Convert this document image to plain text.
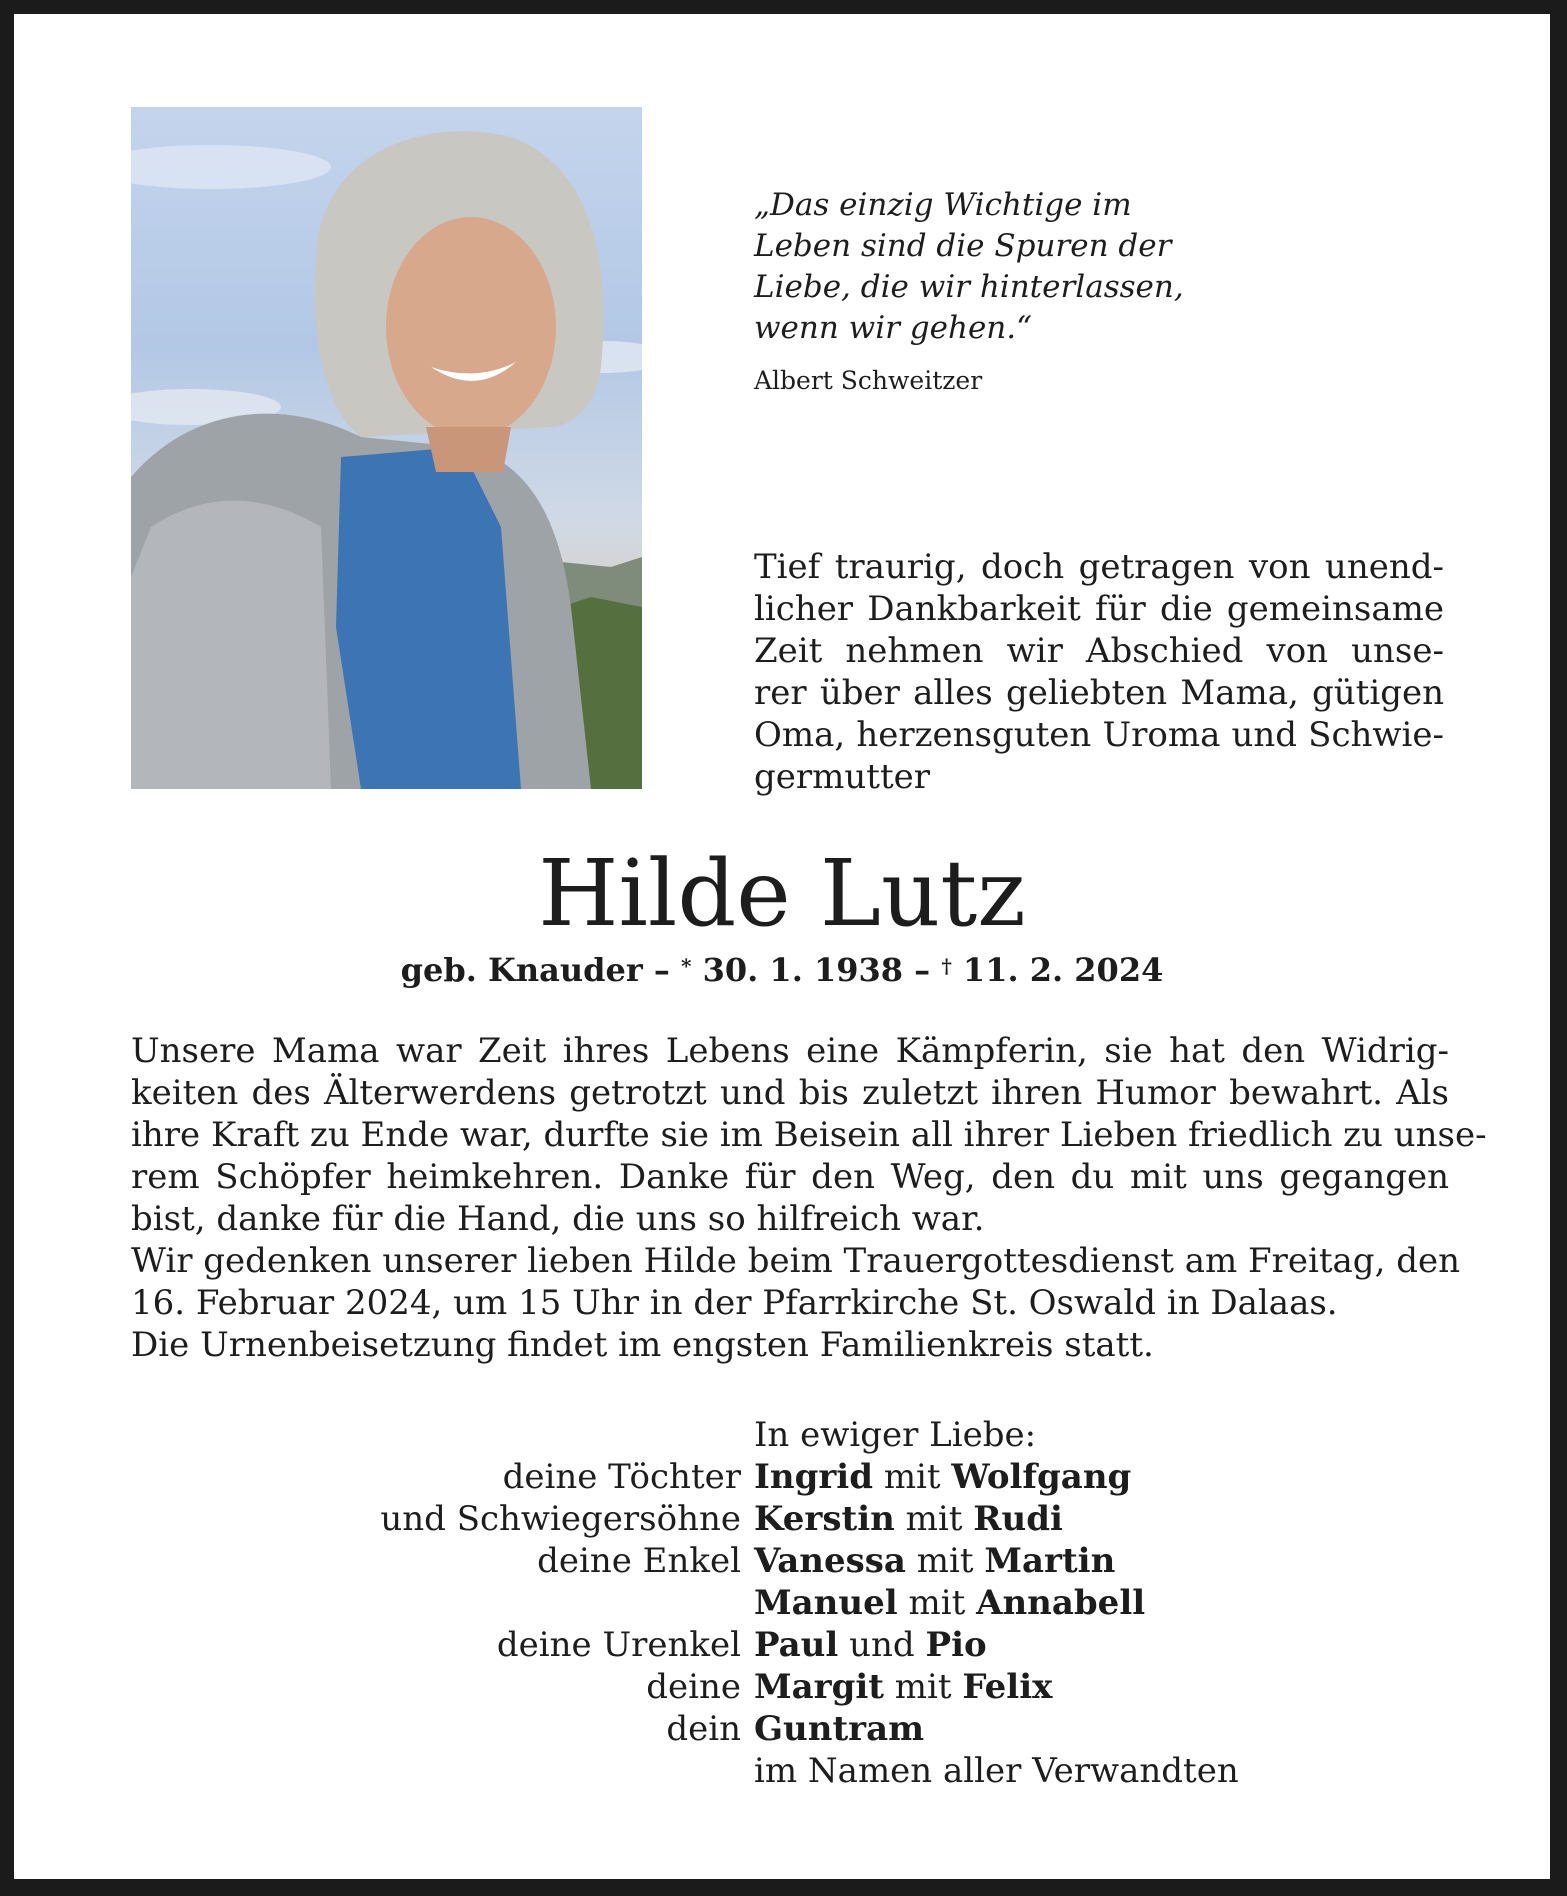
„Das einzig Wichtige im
Leben sind die Spuren der
Liebe, die wir hinterlassen,
wenn wir gehen.“
Albert Schweitzer
Tief traurig, doch getragen von unend-
licher Dankbarkeit für die gemeinsame
Zeit nehmen wir Abschied von unse-
rer über alles geliebten Mama, gütigen
Oma, herzensguten Uroma und Schwie-
germutter
Hilde Lutz
geb. Knauder – * 30. 1. 1938 – † 11. 2. 2024
Unsere Mama war Zeit ihres Lebens eine Kämpferin, sie hat den Widrig-
keiten des Älterwerdens getrotzt und bis zuletzt ihren Humor bewahrt. Als
ihre Kraft zu Ende war, durfte sie im Beisein all ihrer Lieben friedlich zu unse-
rem Schöpfer heimkehren. Danke für den Weg, den du mit uns gegangen
bist, danke für die Hand, die uns so hilfreich war.
Wir gedenken unserer lieben Hilde beim Trauergottesdienst am Freitag, den
16. Februar 2024, um 15 Uhr in der Pfarrkirche St. Oswald in Dalaas.
Die Urnenbeisetzung findet im engsten Familienkreis statt.
In ewiger Liebe:
deine Töchter Ingrid mit Wolfgang
und Schwiegersöhne Kerstin mit Rudi
deine Enkel Vanessa mit Martin
Manuel mit Annabell
deine Urenkel Paul und Pio
deine Margit mit Felix
dein Guntram
im Namen aller Verwandten
